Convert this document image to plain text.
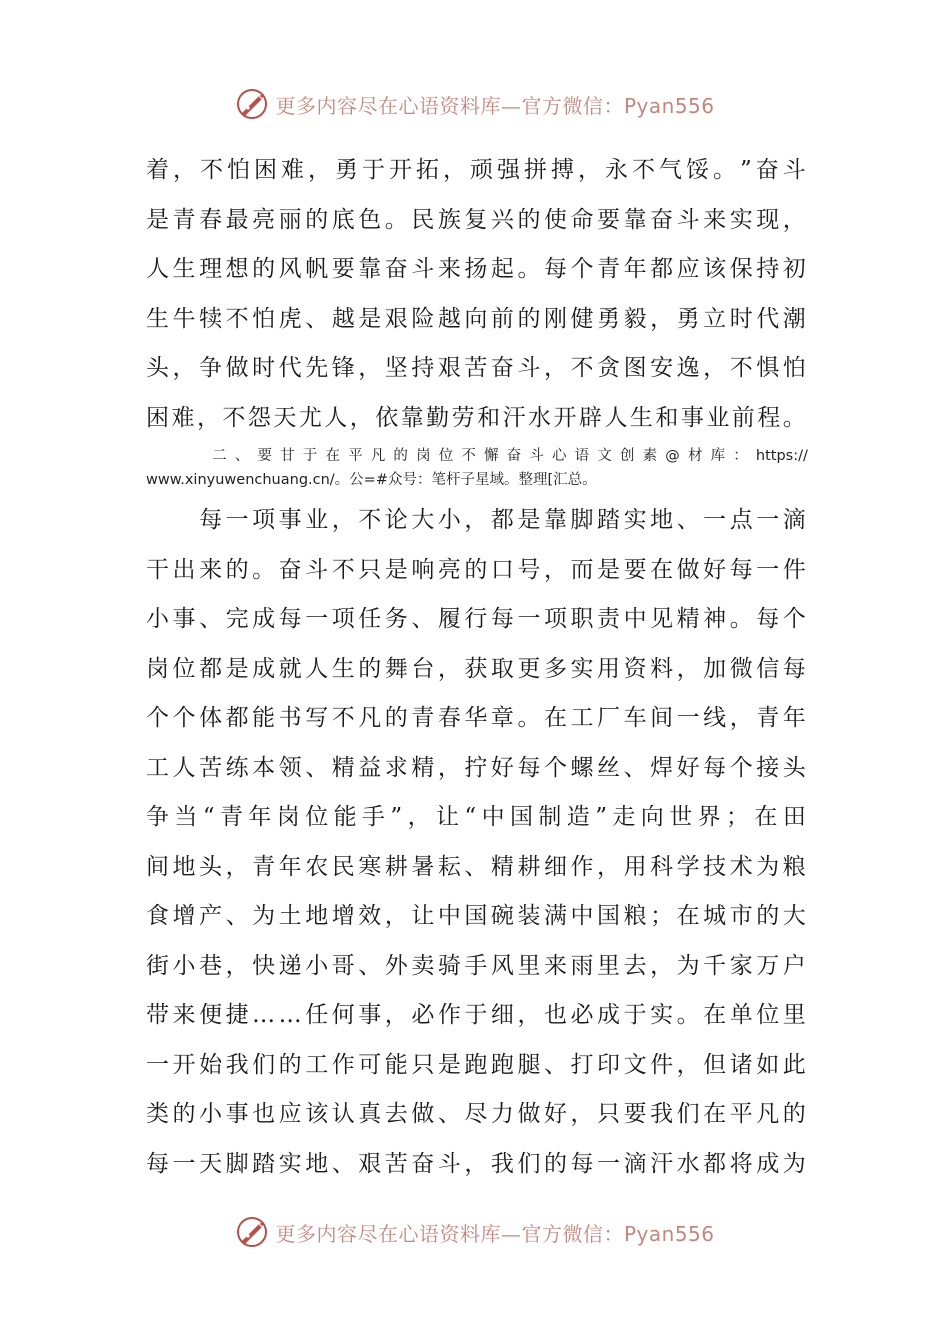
更多内容尽在心语资料库—官方微信：Pyan556
着 ， 不 怕 困 难 ， 勇 于 开 拓 ， 顽 强 拼 搏 ， 永 不 气 馁 。 ” 奋 斗
是 青 春 最 亮 丽 的 底 色 。 民 族 复 兴 的 使 命 要 靠 奋 斗 来 实 现 ，
人 生 理 想 的 风 帆 要 靠 奋 斗 来 扬 起 。 每 个 青 年 都 应 该 保 持 初
生 牛 犊 不 怕 虎 、 越 是 艰 险 越 向 前 的 刚 健 勇 毅 ， 勇 立 时 代 潮
头 ， 争 做 时 代 先 锋 ， 坚 持 艰 苦 奋 斗 ， 不 贪 图 安 逸 ， 不 惧 怕
困 难 ， 不 怨 天 尤 人 ， 依 靠 勤 劳 和 汗 水 开 辟 人 生 和 事 业 前 程 。

二 、 要 甘 于 在 平 凡 的 岗 位 不 懈 奋 斗 心 语 文 创 素 @ 材 库 ： https://
www.xinyuwenchuang.cn/。公=#众号：笔杆子星域。整理[汇总。

每 一 项 事 业 ， 不 论 大 小 ， 都 是 靠 脚 踏 实 地 、 一 点 一 滴
干 出 来 的 。 奋 斗 不 只 是 响 亮 的 口 号 ， 而 是 要 在 做 好 每 一 件
小 事 、 完 成 每 一 项 任 务 、 履 行 每 一 项 职 责 中 见 精 神 。 每 个
岗 位 都 是 成 就 人 生 的 舞 台 ， 获 取 更 多 实 用 资 料 ， 加 微 信 每
个 个 体 都 能 书 写 不 凡 的 青 春 华 章 。 在 工 厂 车 间 一 线 ， 青 年
工 人 苦 练 本 领 、 精 益 求 精 ， 拧 好 每 个 螺 丝 、 焊 好 每 个 接 头
争 当 “ 青 年 岗 位 能 手 ” ， 让 “ 中 国 制 造 ” 走 向 世 界 ； 在 田
间 地 头 ， 青 年 农 民 寒 耕 暑 耘 、 精 耕 细 作 ， 用 科 学 技 术 为 粮
食 增 产 、 为 土 地 增 效 ， 让 中 国 碗 装 满 中 国 粮 ； 在 城 市 的 大
街 小 巷 ， 快 递 小 哥 、 外 卖 骑 手 风 里 来 雨 里 去 ， 为 千 家 万 户
带 来 便 捷 … … 任 何 事 ， 必 作 于 细 ， 也 必 成 于 实 。 在 单 位 里
一 开 始 我 们 的 工 作 可 能 只 是 跑 跑 腿 、 打 印 文 件 ， 但 诸 如 此
类 的 小 事 也 应 该 认 真 去 做 、 尽 力 做 好 ， 只 要 我 们 在 平 凡 的
每 一 天 脚 踏 实 地 、 艰 苦 奋 斗 ， 我 们 的 每 一 滴 汗 水 都 将 成 为
更多内容尽在心语资料库—官方微信：Pyan556
